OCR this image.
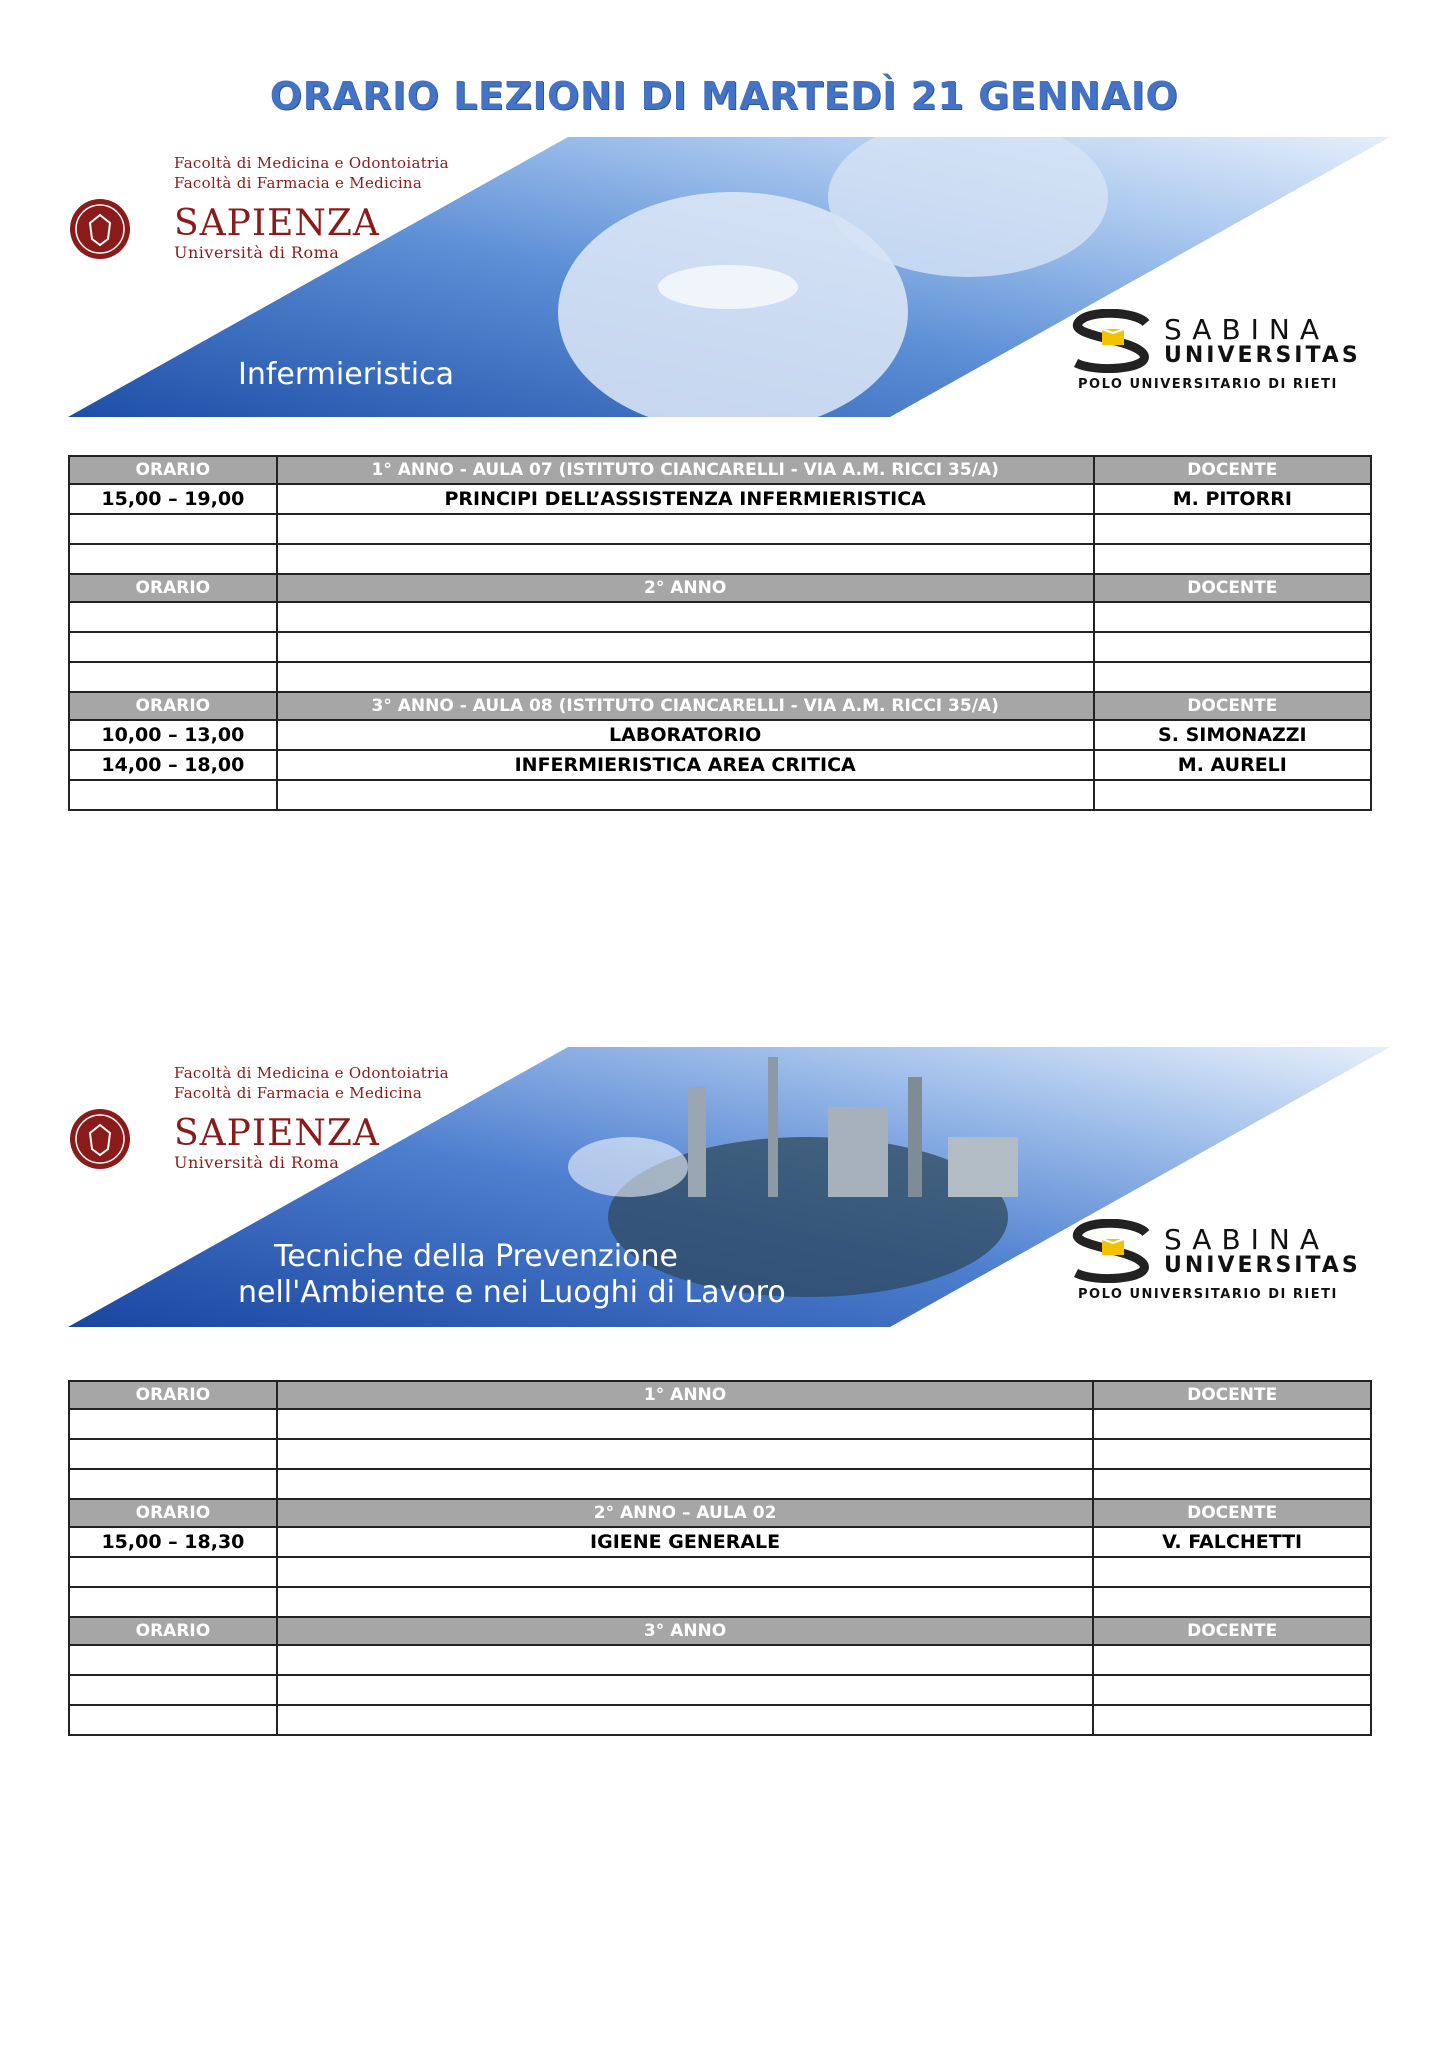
ORARIO LEZIONI DI MARTEDÌ 21 GENNAIO
Facoltà di Medicina e Odontoiatria
Facoltà di Farmacia e Medicina
SAPIENZA
Università di Roma
Infermieristica
SABINA
UNIVERSITAS
POLO UNIVERSITARIO DI RIETI
ORARIO	1° ANNO - AULA 07 (ISTITUTO CIANCARELLI - VIA A.M. RICCI 35/A)	DOCENTE
15,00 – 19,00	PRINCIPI DELL’ASSISTENZA INFERMIERISTICA	M. PITORRI

ORARIO	2° ANNO	DOCENTE

ORARIO	3° ANNO - AULA 08 (ISTITUTO CIANCARELLI - VIA A.M. RICCI 35/A)	DOCENTE
10,00 – 13,00	LABORATORIO	S. SIMONAZZI
14,00 – 18,00	INFERMIERISTICA AREA CRITICA	M. AURELI

Facoltà di Medicina e Odontoiatria
Facoltà di Farmacia e Medicina
SAPIENZA
Università di Roma
Tecniche della Prevenzione
nell'Ambiente e nei Luoghi di Lavoro
SABINA
UNIVERSITAS
POLO UNIVERSITARIO DI RIETI
ORARIO	1° ANNO	DOCENTE

ORARIO	2° ANNO – AULA 02	DOCENTE
15,00 – 18,30	IGIENE GENERALE	V. FALCHETTI

ORARIO	3° ANNO	DOCENTE
